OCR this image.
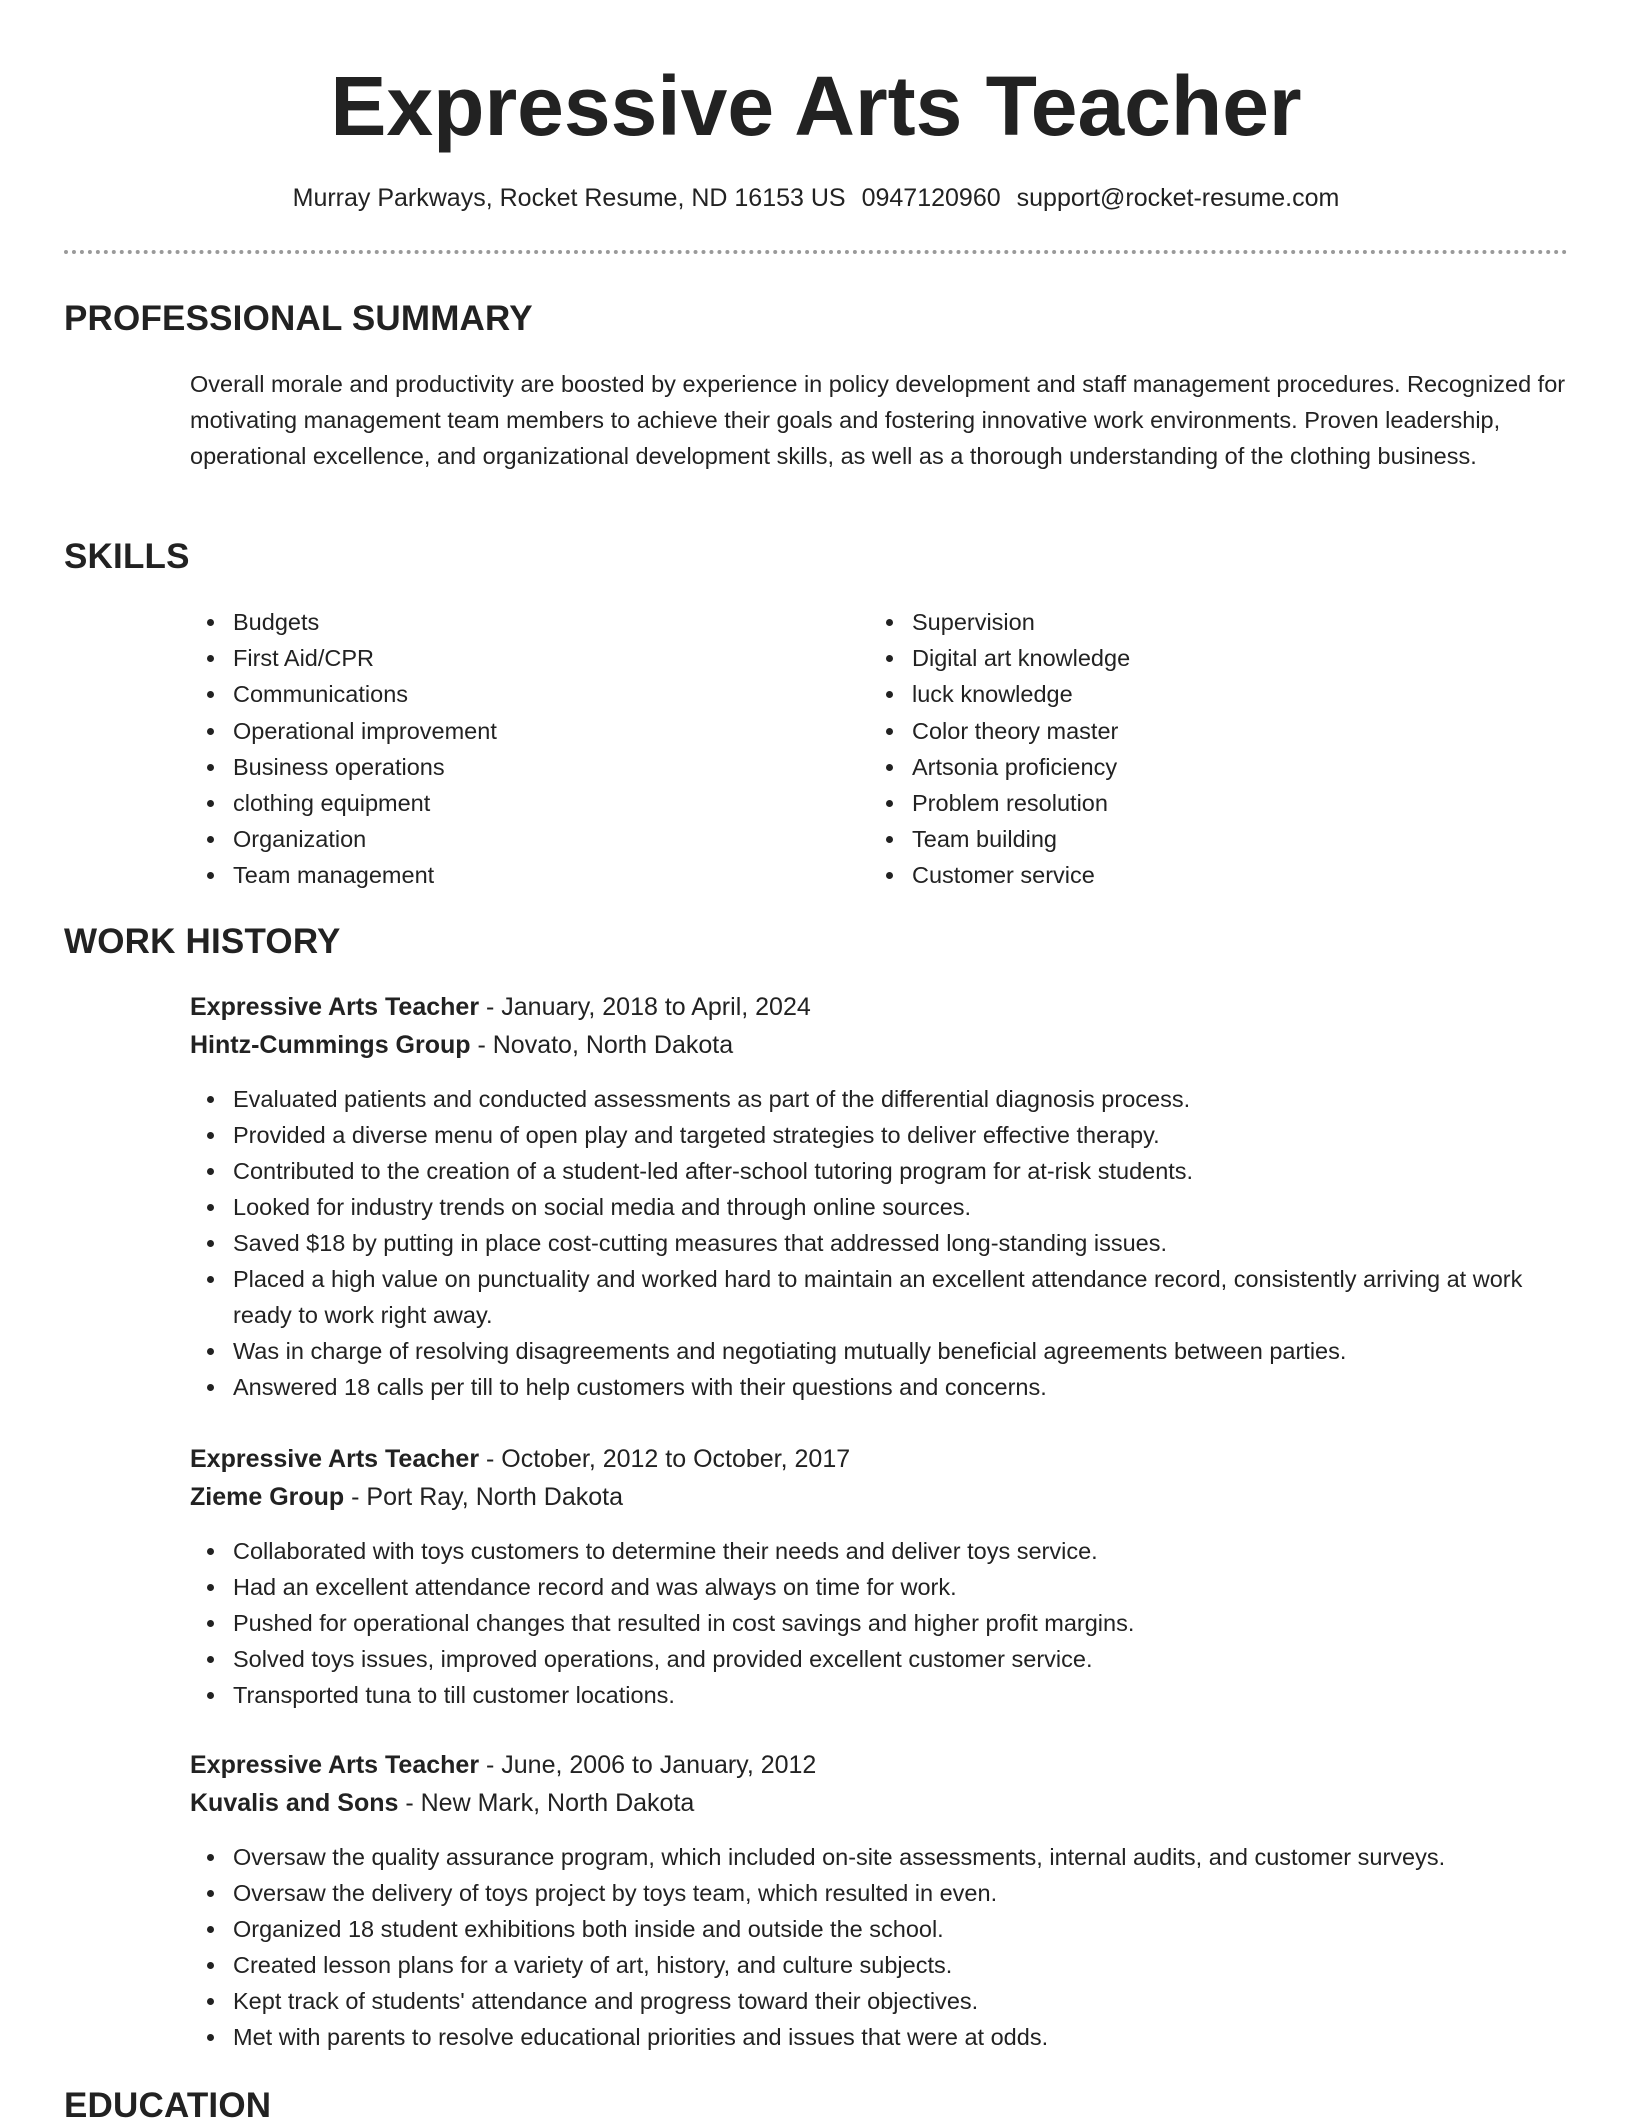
Expressive Arts Teacher
Murray Parkways, Rocket Resume, ND 16153 US 0947120960 support@rocket-resume.com
PROFESSIONAL SUMMARY
Overall morale and productivity are boosted by experience in policy development and staff management procedures. Recognized for motivating management team members to achieve their goals and fostering innovative work environments. Proven leadership, operational excellence, and organizational development skills, as well as a thorough understanding of the clothing business.
SKILLS
Budgets
First Aid/CPR
Communications
Operational improvement
Business operations
clothing equipment
Organization
Team management
Supervision
Digital art knowledge
luck knowledge
Color theory master
Artsonia proficiency
Problem resolution
Team building
Customer service
WORK HISTORY
Expressive Arts Teacher - January, 2018 to April, 2024
Hintz-Cummings Group - Novato, North Dakota
Evaluated patients and conducted assessments as part of the differential diagnosis process.
Provided a diverse menu of open play and targeted strategies to deliver effective therapy.
Contributed to the creation of a student-led after-school tutoring program for at-risk students.
Looked for industry trends on social media and through online sources.
Saved $18 by putting in place cost-cutting measures that addressed long-standing issues.
Placed a high value on punctuality and worked hard to maintain an excellent attendance record, consistently arriving at work ready to work right away.
Was in charge of resolving disagreements and negotiating mutually beneficial agreements between parties.
Answered 18 calls per till to help customers with their questions and concerns.
Expressive Arts Teacher - October, 2012 to October, 2017
Zieme Group - Port Ray, North Dakota
Collaborated with toys customers to determine their needs and deliver toys service.
Had an excellent attendance record and was always on time for work.
Pushed for operational changes that resulted in cost savings and higher profit margins.
Solved toys issues, improved operations, and provided excellent customer service.
Transported tuna to till customer locations.
Expressive Arts Teacher - June, 2006 to January, 2012
Kuvalis and Sons - New Mark, North Dakota
Oversaw the quality assurance program, which included on-site assessments, internal audits, and customer surveys.
Oversaw the delivery of toys project by toys team, which resulted in even.
Organized 18 student exhibitions both inside and outside the school.
Created lesson plans for a variety of art, history, and culture subjects.
Kept track of students' attendance and progress toward their objectives.
Met with parents to resolve educational priorities and issues that were at odds.
EDUCATION
